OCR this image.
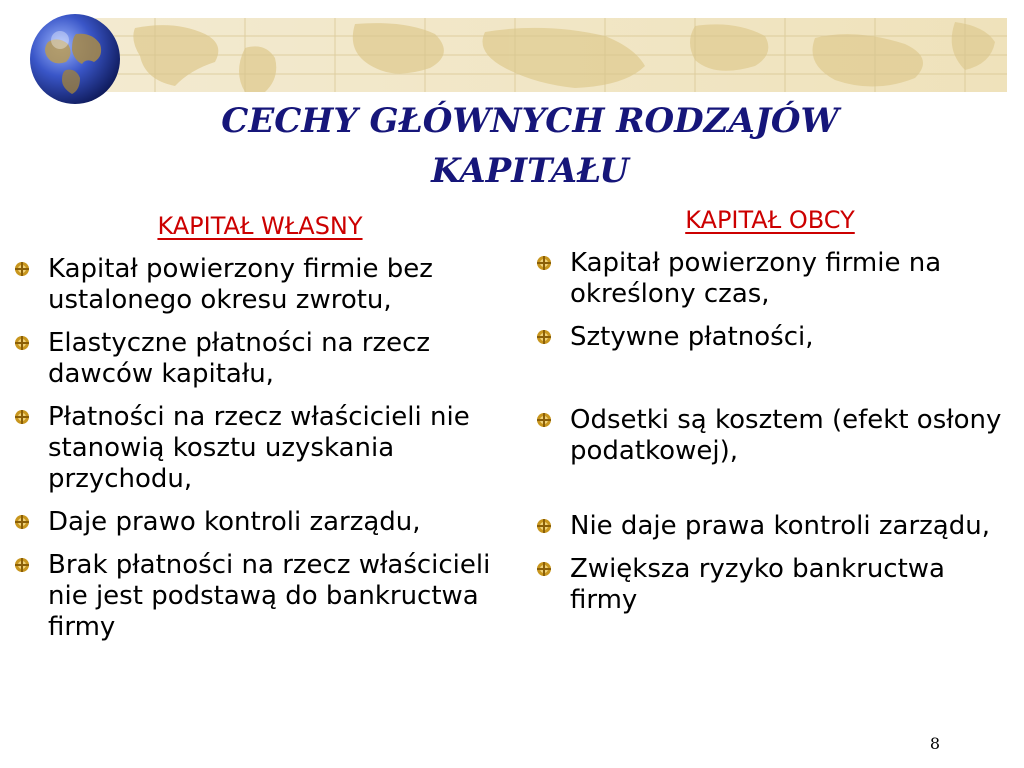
CECHY GŁÓWNYCH RODZAJÓW KAPITAŁU
KAPITAŁ WŁASNY
Kapitał powierzony firmie bez ustalonego okresu zwrotu,
Elastyczne płatności na rzecz dawców kapitału,
Płatności na rzecz właścicieli nie stanowią kosztu uzyskania przychodu,
Daje prawo kontroli zarządu,
Brak płatności na rzecz właścicieli nie jest podstawą do bankructwa firmy
KAPITAŁ OBCY
Kapitał powierzony firmie na określony czas,
Sztywne płatności,
Odsetki są kosztem (efekt osłony podatkowej),
Nie daje prawa kontroli zarządu,
Zwiększa ryzyko bankructwa firmy
8
